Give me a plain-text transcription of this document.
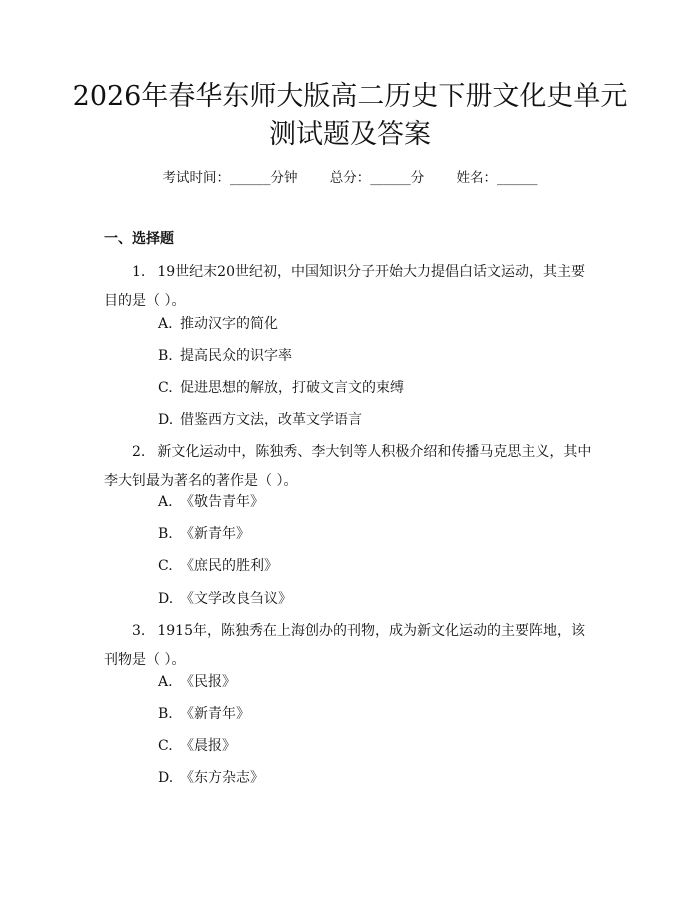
2026年春华东师大版高二历史下册文化史单元测试题及答案
考试时间：______分钟 总分：______分 姓名：______
一、选择题

1. 19世纪末20世纪初，中国知识分子开始大力提倡白话文运动，其主要目的是（ ）。

A. 推动汉字的简化
B. 提高民众的识字率
C. 促进思想的解放，打破文言文的束缚
D. 借鉴西方文法，改革文学语言

2. 新文化运动中，陈独秀、李大钊等人积极介绍和传播马克思主义，其中李大钊最为著名的著作是（ ）。

A. 《敬告青年》
B. 《新青年》
C. 《庶民的胜利》
D. 《文学改良刍议》

3. 1915年，陈独秀在上海创办的刊物，成为新文化运动的主要阵地，该刊物是（ ）。

A. 《民报》
B. 《新青年》
C. 《晨报》
D. 《东方杂志》
